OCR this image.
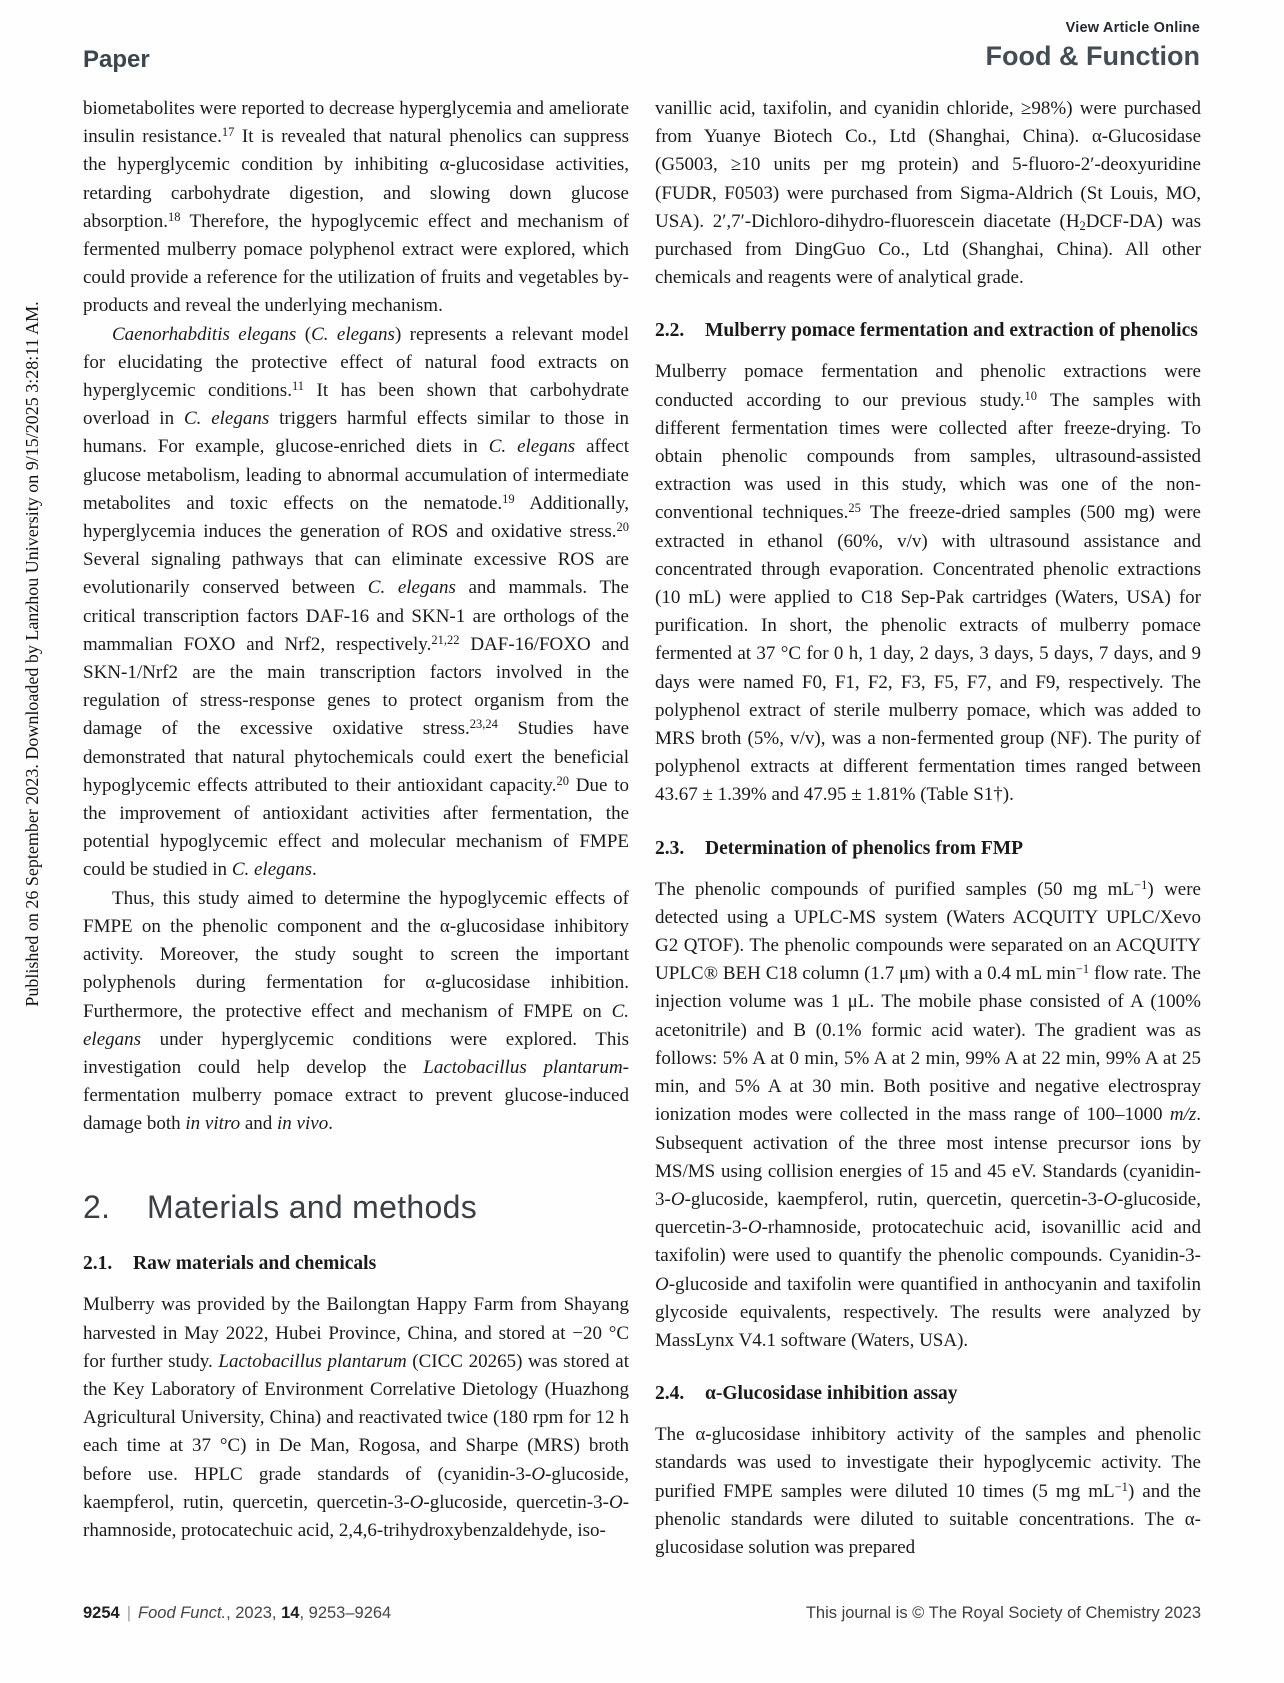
View Article Online
Paper	Food & Function
Published on 26 September 2023. Downloaded by Lanzhou University on 9/15/2025 3:28:11 AM.

biometabolites were reported to decrease hyperglycemia and ameliorate insulin resistance.$^{17}$ It is revealed that natural phenolics can suppress the hyperglycemic condition by inhibiting α-glucosidase activities, retarding carbohydrate digestion, and slowing down glucose absorption.$^{18}$ Therefore, the hypoglycemic effect and mechanism of fermented mulberry pomace polyphenol extract were explored, which could provide a reference for the utilization of fruits and vegetables by-products and reveal the underlying mechanism.

Caenorhabditis elegans (C. elegans) represents a relevant model for elucidating the protective effect of natural food extracts on hyperglycemic conditions.$^{11}$ It has been shown that carbohydrate overload in C. elegans triggers harmful effects similar to those in humans. For example, glucose-enriched diets in C. elegans affect glucose metabolism, leading to abnormal accumulation of intermediate metabolites and toxic effects on the nematode.$^{19}$ Additionally, hyperglycemia induces the generation of ROS and oxidative stress.$^{20}$ Several signaling pathways that can eliminate excessive ROS are evolutionarily conserved between C. elegans and mammals. The critical transcription factors DAF-16 and SKN-1 are orthologs of the mammalian FOXO and Nrf2, respectively.$^{21,22}$ DAF-16/FOXO and SKN-1/Nrf2 are the main transcription factors involved in the regulation of stress-response genes to protect organism from the damage of the excessive oxidative stress.$^{23,24}$ Studies have demonstrated that natural phytochemicals could exert the beneficial hypoglycemic effects attributed to their antioxidant capacity.$^{20}$ Due to the improvement of antioxidant activities after fermentation, the potential hypoglycemic effect and molecular mechanism of FMPE could be studied in C. elegans.

Thus, this study aimed to determine the hypoglycemic effects of FMPE on the phenolic component and the α-glucosidase inhibitory activity. Moreover, the study sought to screen the important polyphenols during fermentation for α-glucosidase inhibition. Furthermore, the protective effect and mechanism of FMPE on C. elegans under hyperglycemic conditions were explored. This investigation could help develop the Lactobacillus plantarum-fermentation mulberry pomace extract to prevent glucose-induced damage both in vitro and in vivo.

2. Materials and methods
2.1. Raw materials and chemicals

Mulberry was provided by the Bailongtan Happy Farm from Shayang harvested in May 2022, Hubei Province, China, and stored at −20 °C for further study. Lactobacillus plantarum (CICC 20265) was stored at the Key Laboratory of Environment Correlative Dietology (Huazhong Agricultural University, China) and reactivated twice (180 rpm for 12 h each time at 37 °C) in De Man, Rogosa, and Sharpe (MRS) broth before use. HPLC grade standards of (cyanidin-3-O-glucoside, kaempferol, rutin, quercetin, quercetin-3-O-glucoside, quercetin-3-O-rhamnoside, protocatechuic acid, 2,4,6-trihydroxybenzaldehyde, iso-

vanillic acid, taxifolin, and cyanidin chloride, ≥98%) were purchased from Yuanye Biotech Co., Ltd (Shanghai, China). α-Glucosidase (G5003, ≥10 units per mg protein) and 5-fluoro-2′-deoxyuridine (FUDR, F0503) were purchased from Sigma-Aldrich (St Louis, MO, USA). 2′,7′-Dichloro-dihydro-fluorescein diacetate $(H_2DCF-DA)$ was purchased from DingGuo Co., Ltd (Shanghai, China). All other chemicals and reagents were of analytical grade.

2.2. Mulberry pomace fermentation and extraction of phenolics

Mulberry pomace fermentation and phenolic extractions were conducted according to our previous study.$^{10}$ The samples with different fermentation times were collected after freeze-drying. To obtain phenolic compounds from samples, ultrasound-assisted extraction was used in this study, which was one of the non-conventional techniques.$^{25}$ The freeze-dried samples (500 mg) were extracted in ethanol (60%, v/v) with ultrasound assistance and concentrated through evaporation. Concentrated phenolic extractions (10 mL) were applied to C18 Sep-Pak cartridges (Waters, USA) for purification. In short, the phenolic extracts of mulberry pomace fermented at 37 °C for 0 h, 1 day, 2 days, 3 days, 5 days, 7 days, and 9 days were named F0, F1, F2, F3, F5, F7, and F9, respectively. The polyphenol extract of sterile mulberry pomace, which was added to MRS broth (5%, v/v), was a non-fermented group (NF). The purity of polyphenol extracts at different fermentation times ranged between 43.67 ± 1.39% and 47.95 ± 1.81% (Table S1†).

2.3. Determination of phenolics from FMP

The phenolic compounds of purified samples (50 mg $mL^{-1}$) were detected using a UPLC-MS system (Waters ACQUITY UPLC/Xevo G2 QTOF). The phenolic compounds were separated on an ACQUITY UPLC® BEH C18 column (1.7 μm) with a 0.4 mL $\min^{-1}$ flow rate. The injection volume was 1 μL. The mobile phase consisted of A (100% acetonitrile) and B (0.1% formic acid water). The gradient was as follows: 5% A at 0 min, 5% A at 2 min, 99% A at 22 min, 99% A at 25 min, and 5% A at 30 min. Both positive and negative electrospray ionization modes were collected in the mass range of 100–1000 m/z. Subsequent activation of the three most intense precursor ions by MS/MS using collision energies of 15 and 45 eV. Standards (cyanidin-3-O-glucoside, kaempferol, rutin, quercetin, quercetin-3-O-glucoside, quercetin-3-O-rhamnoside, protocatechuic acid, isovanillic acid and taxifolin) were used to quantify the phenolic compounds. Cyanidin-3-O-glucoside and taxifolin were quantified in anthocyanin and taxifolin glycoside equivalents, respectively. The results were analyzed by MassLynx V4.1 software (Waters, USA).

2.4. α-Glucosidase inhibition assay

The α-glucosidase inhibitory activity of the samples and phenolic standards was used to investigate their hypoglycemic activity. The purified FMPE samples were diluted 10 times (5 mg $mL^{-1}$) and the phenolic standards were diluted to suitable concentrations. The α-glucosidase solution was prepared

9254 | Food Funct., 2023, 14, 9253–9264	This journal is © The Royal Society of Chemistry 2023
